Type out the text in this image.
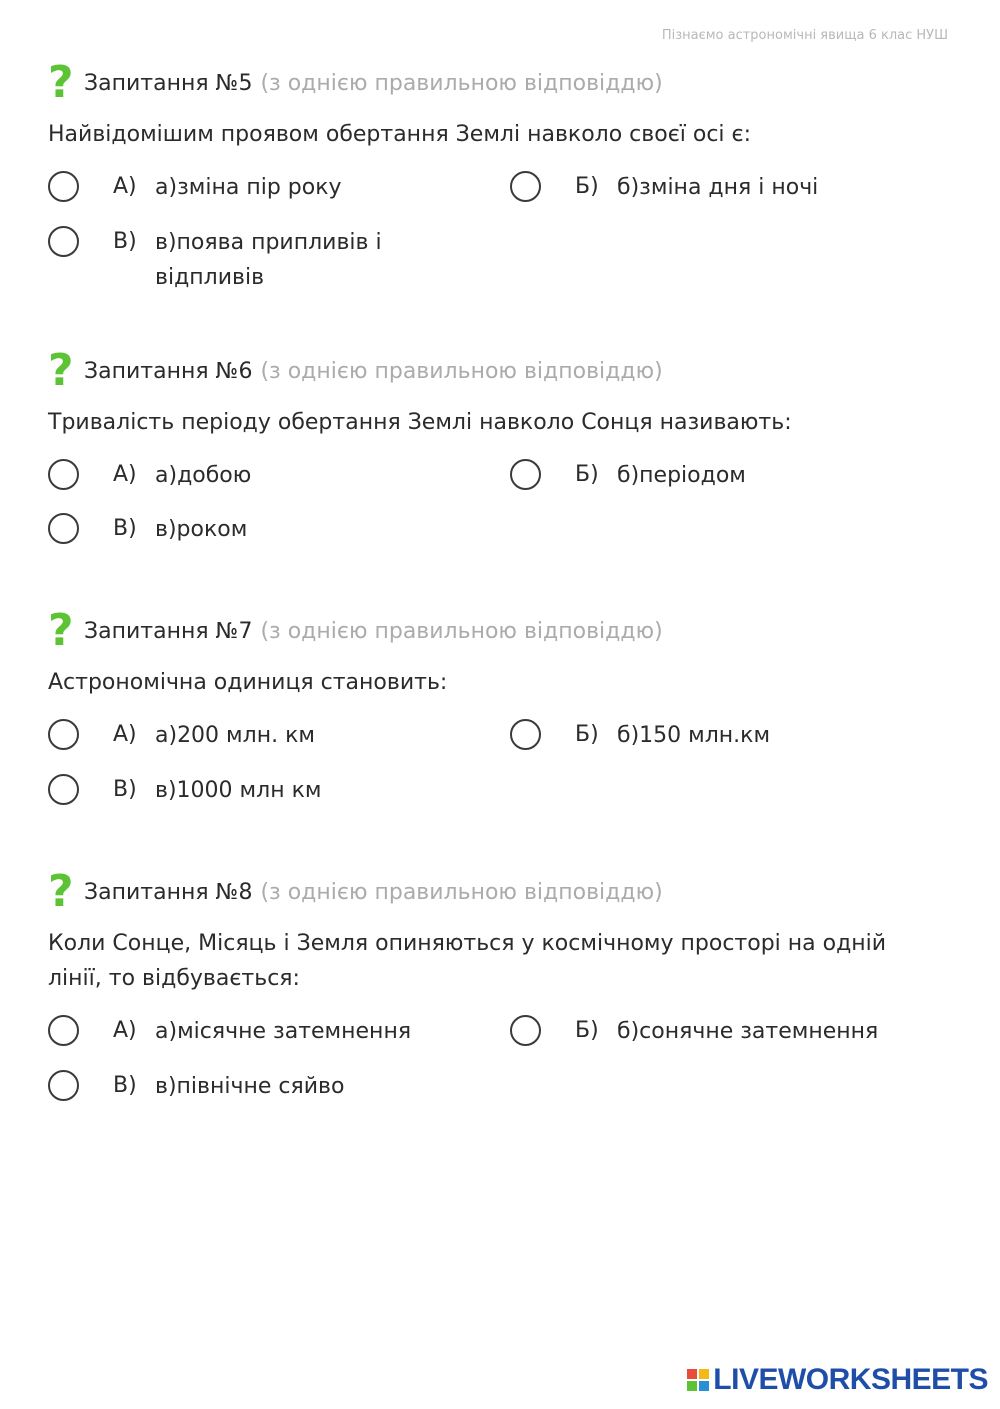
Пізнаємо астрономічні явища 6 клас НУШ
? Запитання №5 (з однією правильною відповіддю)
Найвідомішим проявом обертання Землі навколо своєї осі є:
А) а)зміна пір року	Б) б)зміна дня і ночі
В) в)поява припливів і відпливів
? Запитання №6 (з однією правильною відповіддю)
Тривалість періоду обертання Землі навколо Сонця називають:
А) а)добою	Б) б)періодом
В) в)роком
? Запитання №7 (з однією правильною відповіддю)
Астрономічна одиниця становить:
А) а)200 млн. км	Б) б)150 млн.км
В) в)1000 млн км
? Запитання №8 (з однією правильною відповіддю)
Коли Сонце, Місяць і Земля опиняються у космічному просторі на одній лінії, то відбувається:
А) а)місячне затемнення	Б) б)сонячне затемнення
В) в)північне сяйво
LIVEWORKSHEETS
